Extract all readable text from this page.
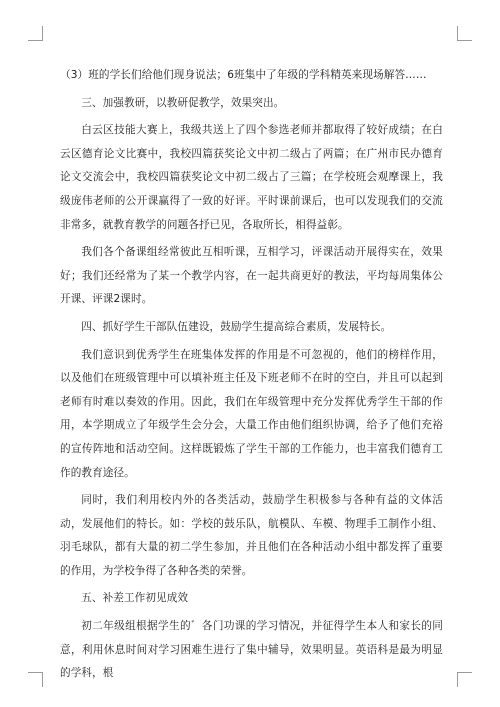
（3）班的学长们给他们现身说法；6班集中了年级的学科精英来现场解答……

三、加强教研，以教研促教学，效果突出。

白云区技能大赛上，我级共送上了四个参选老师并都取得了较好成绩；在白云区德育论文比赛中，我校四篇获奖论文中初二级占了两篇；在广州市民办德育论文交流会中，我校四篇获奖论文中初二级占了三篇；在学校班会观摩课上，我级庞伟老师的公开课赢得了一致的好评。平时课前课后，也可以发现我们的交流非常多，就教育教学的问题各抒已见，各取所长，相得益彰。

我们各个备课组经常彼此互相听课，互相学习，评课活动开展得实在，效果好；我们还经常为了某一个教学内容，在一起共商更好的教法，平均每周集体公开课、评课2课时。

四、抓好学生干部队伍建设，鼓励学生提高综合素质，发展特长。

我们意识到优秀学生在班集体发挥的作用是不可忽视的，他们的榜样作用，以及他们在班级管理中可以填补班主任及下班老师不在时的空白，并且可以起到老师有时难以奏效的作用。因此，我们在年级管理中充分发挥优秀学生干部的作用，本学期成立了年级学生会分会，大量工作由他们组织协调，给予了他们充裕的宣传阵地和活动空间。这样既锻炼了学生干部的工作能力，也丰富我们德育工作的教育途径。

同时，我们利用校内外的各类活动，鼓励学生积极参与各种有益的文体活动，发展他们的特长。如：学校的鼓乐队，航模队、车模、物理手工制作小组、羽毛球队，都有大量的初二学生参加，并且他们在各种活动小组中都发挥了重要的作用，为学校争得了各种各类的荣誉。

五、补差工作初见成效

初二年级组根据学生的゛各门功课的学习情况，并征得学生本人和家长的同意，利用休息时间对学习困难生进行了集中辅导，效果明显。英语科是最为明显的学科，根
